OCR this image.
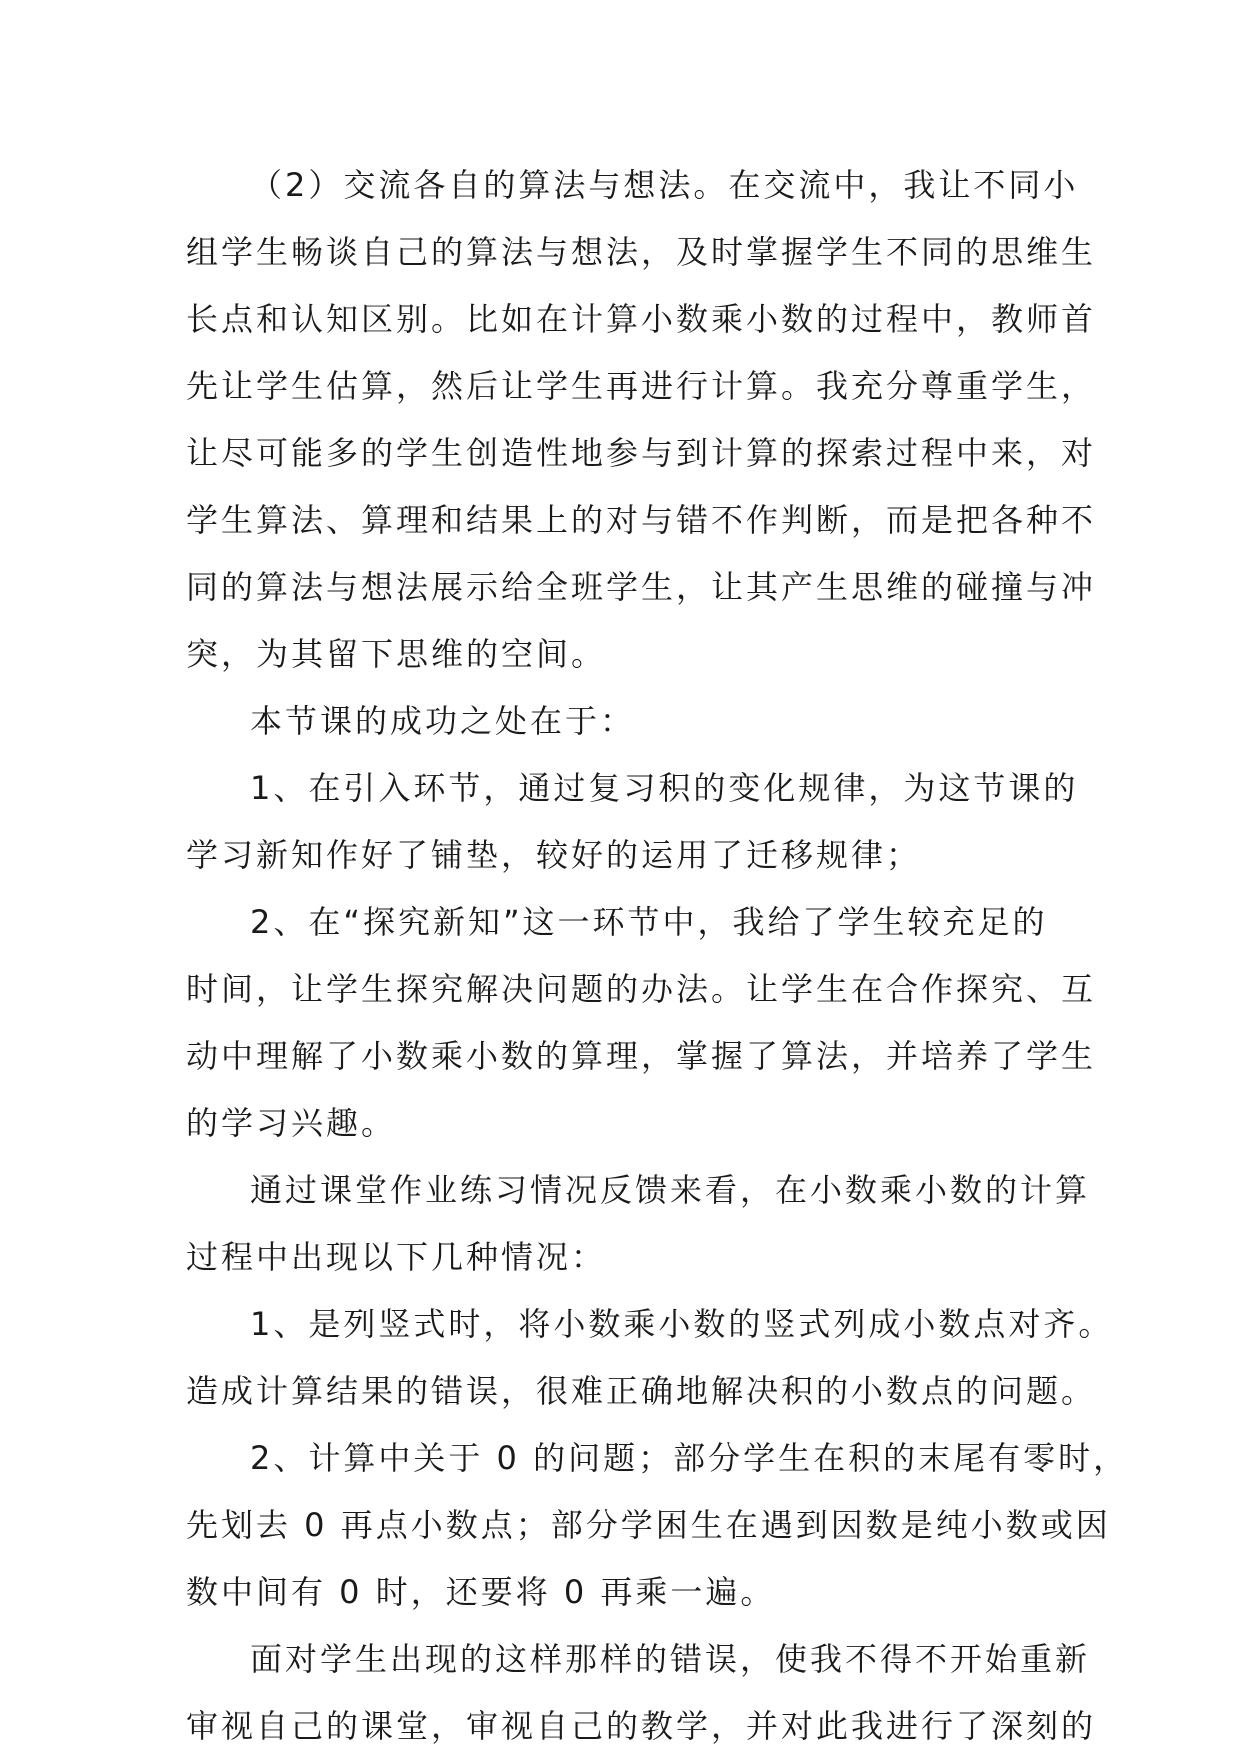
（2）交流各自的算法与想法。在交流中，我让不同小
组学生畅谈自己的算法与想法，及时掌握学生不同的思维生
长点和认知区别。比如在计算小数乘小数的过程中，教师首
先让学生估算，然后让学生再进行计算。我充分尊重学生，
让尽可能多的学生创造性地参与到计算的探索过程中来，对
学生算法、算理和结果上的对与错不作判断，而是把各种不
同的算法与想法展示给全班学生，让其产生思维的碰撞与冲
突，为其留下思维的空间。
本节课的成功之处在于：
1、在引入环节，通过复习积的变化规律，为这节课的
学习新知作好了铺垫，较好的运用了迁移规律；
2、在“探究新知”这一环节中，我给了学生较充足的
时间，让学生探究解决问题的办法。让学生在合作探究、互
动中理解了小数乘小数的算理，掌握了算法，并培养了学生
的学习兴趣。
通过课堂作业练习情况反馈来看，在小数乘小数的计算
过程中出现以下几种情况：
1、是列竖式时，将小数乘小数的竖式列成小数点对齐。
造成计算结果的错误，很难正确地解决积的小数点的问题。
2、计算中关于 0 的问题；部分学生在积的末尾有零时，
先划去 0 再点小数点；部分学困生在遇到因数是纯小数或因
数中间有 0 时，还要将 0 再乘一遍。
面对学生出现的这样那样的错误，使我不得不开始重新
审视自己的课堂，审视自己的教学，并对此我进行了深刻的
